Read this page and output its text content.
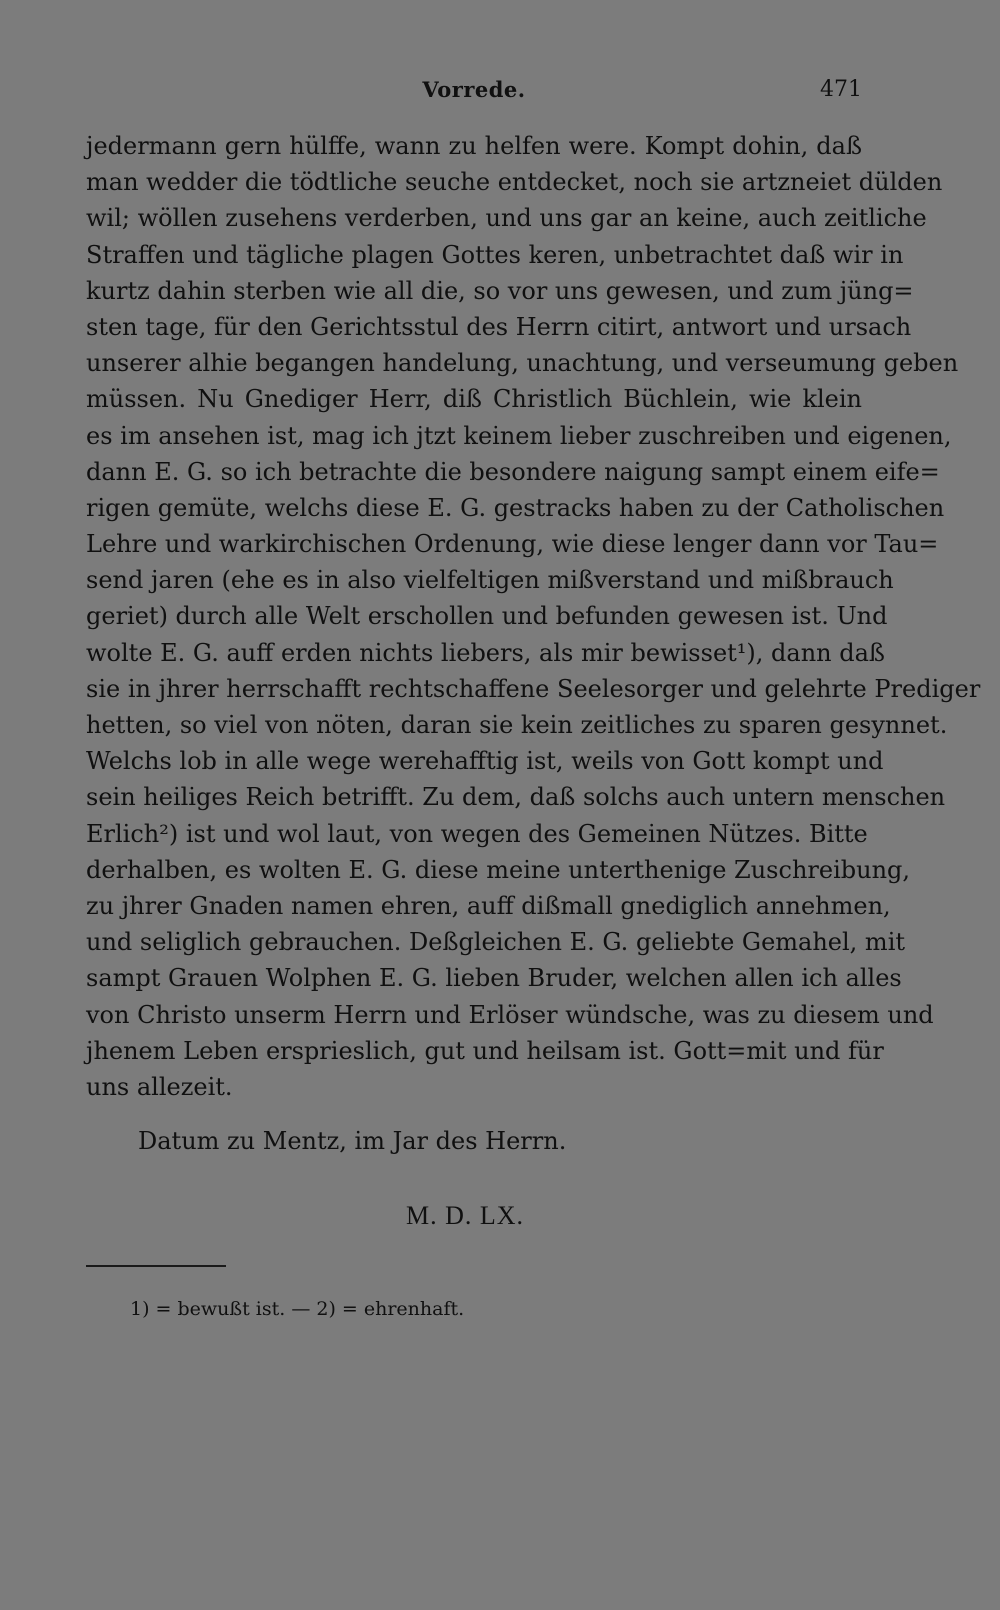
Vorrede.	471
jedermann gern hülffe, wann zu helfen were. Kompt dohin, daß
man wedder die tödtliche seuche entdecket, noch sie artzneiet dülden
wil; wöllen zusehens verderben, und uns gar an keine, auch zeitliche
Straffen und tägliche plagen Gottes keren, unbetrachtet daß wir in
kurtz dahin sterben wie all die, so vor uns gewesen, und zum jüng=
sten tage, für den Gerichtsstul des Herrn citirt, antwort und ursach
unserer alhie begangen handelung, unachtung, und verseumung geben
müssen. Nu Gnediger Herr, diß Christlich Büchlein, wie klein
es im ansehen ist, mag ich jtzt keinem lieber zuschreiben und eigenen,
dann E. G. so ich betrachte die besondere naigung sampt einem eife=
rigen gemüte, welchs diese E. G. gestracks haben zu der Catholischen
Lehre und warkirchischen Ordenung, wie diese lenger dann vor Tau=
send jaren (ehe es in also vielfeltigen mißverstand und mißbrauch
geriet) durch alle Welt erschollen und befunden gewesen ist. Und
wolte E. G. auff erden nichts liebers, als mir bewisset¹), dann daß
sie in jhrer herrschafft rechtschaffene Seelesorger und gelehrte Prediger
hetten, so viel von nöten, daran sie kein zeitliches zu sparen gesynnet.
Welchs lob in alle wege werehafftig ist, weils von Gott kompt und
sein heiliges Reich betrifft. Zu dem, daß solchs auch untern menschen
Erlich²) ist und wol laut, von wegen des Gemeinen Nützes. Bitte
derhalben, es wolten E. G. diese meine unterthenige Zuschreibung,
zu jhrer Gnaden namen ehren, auff dißmall gnediglich annehmen,
und seliglich gebrauchen. Deßgleichen E. G. geliebte Gemahel, mit
sampt Grauen Wolphen E. G. lieben Bruder, welchen allen ich alles
von Christo unserm Herrn und Erlöser wündsche, was zu diesem und
jhenem Leben ersprieslich, gut und heilsam ist. Gott=mit und für
uns allezeit.
Datum zu Mentz, im Jar des Herrn.
M. D. LX.
1) = bewußt ist. — 2) = ehrenhaft.
